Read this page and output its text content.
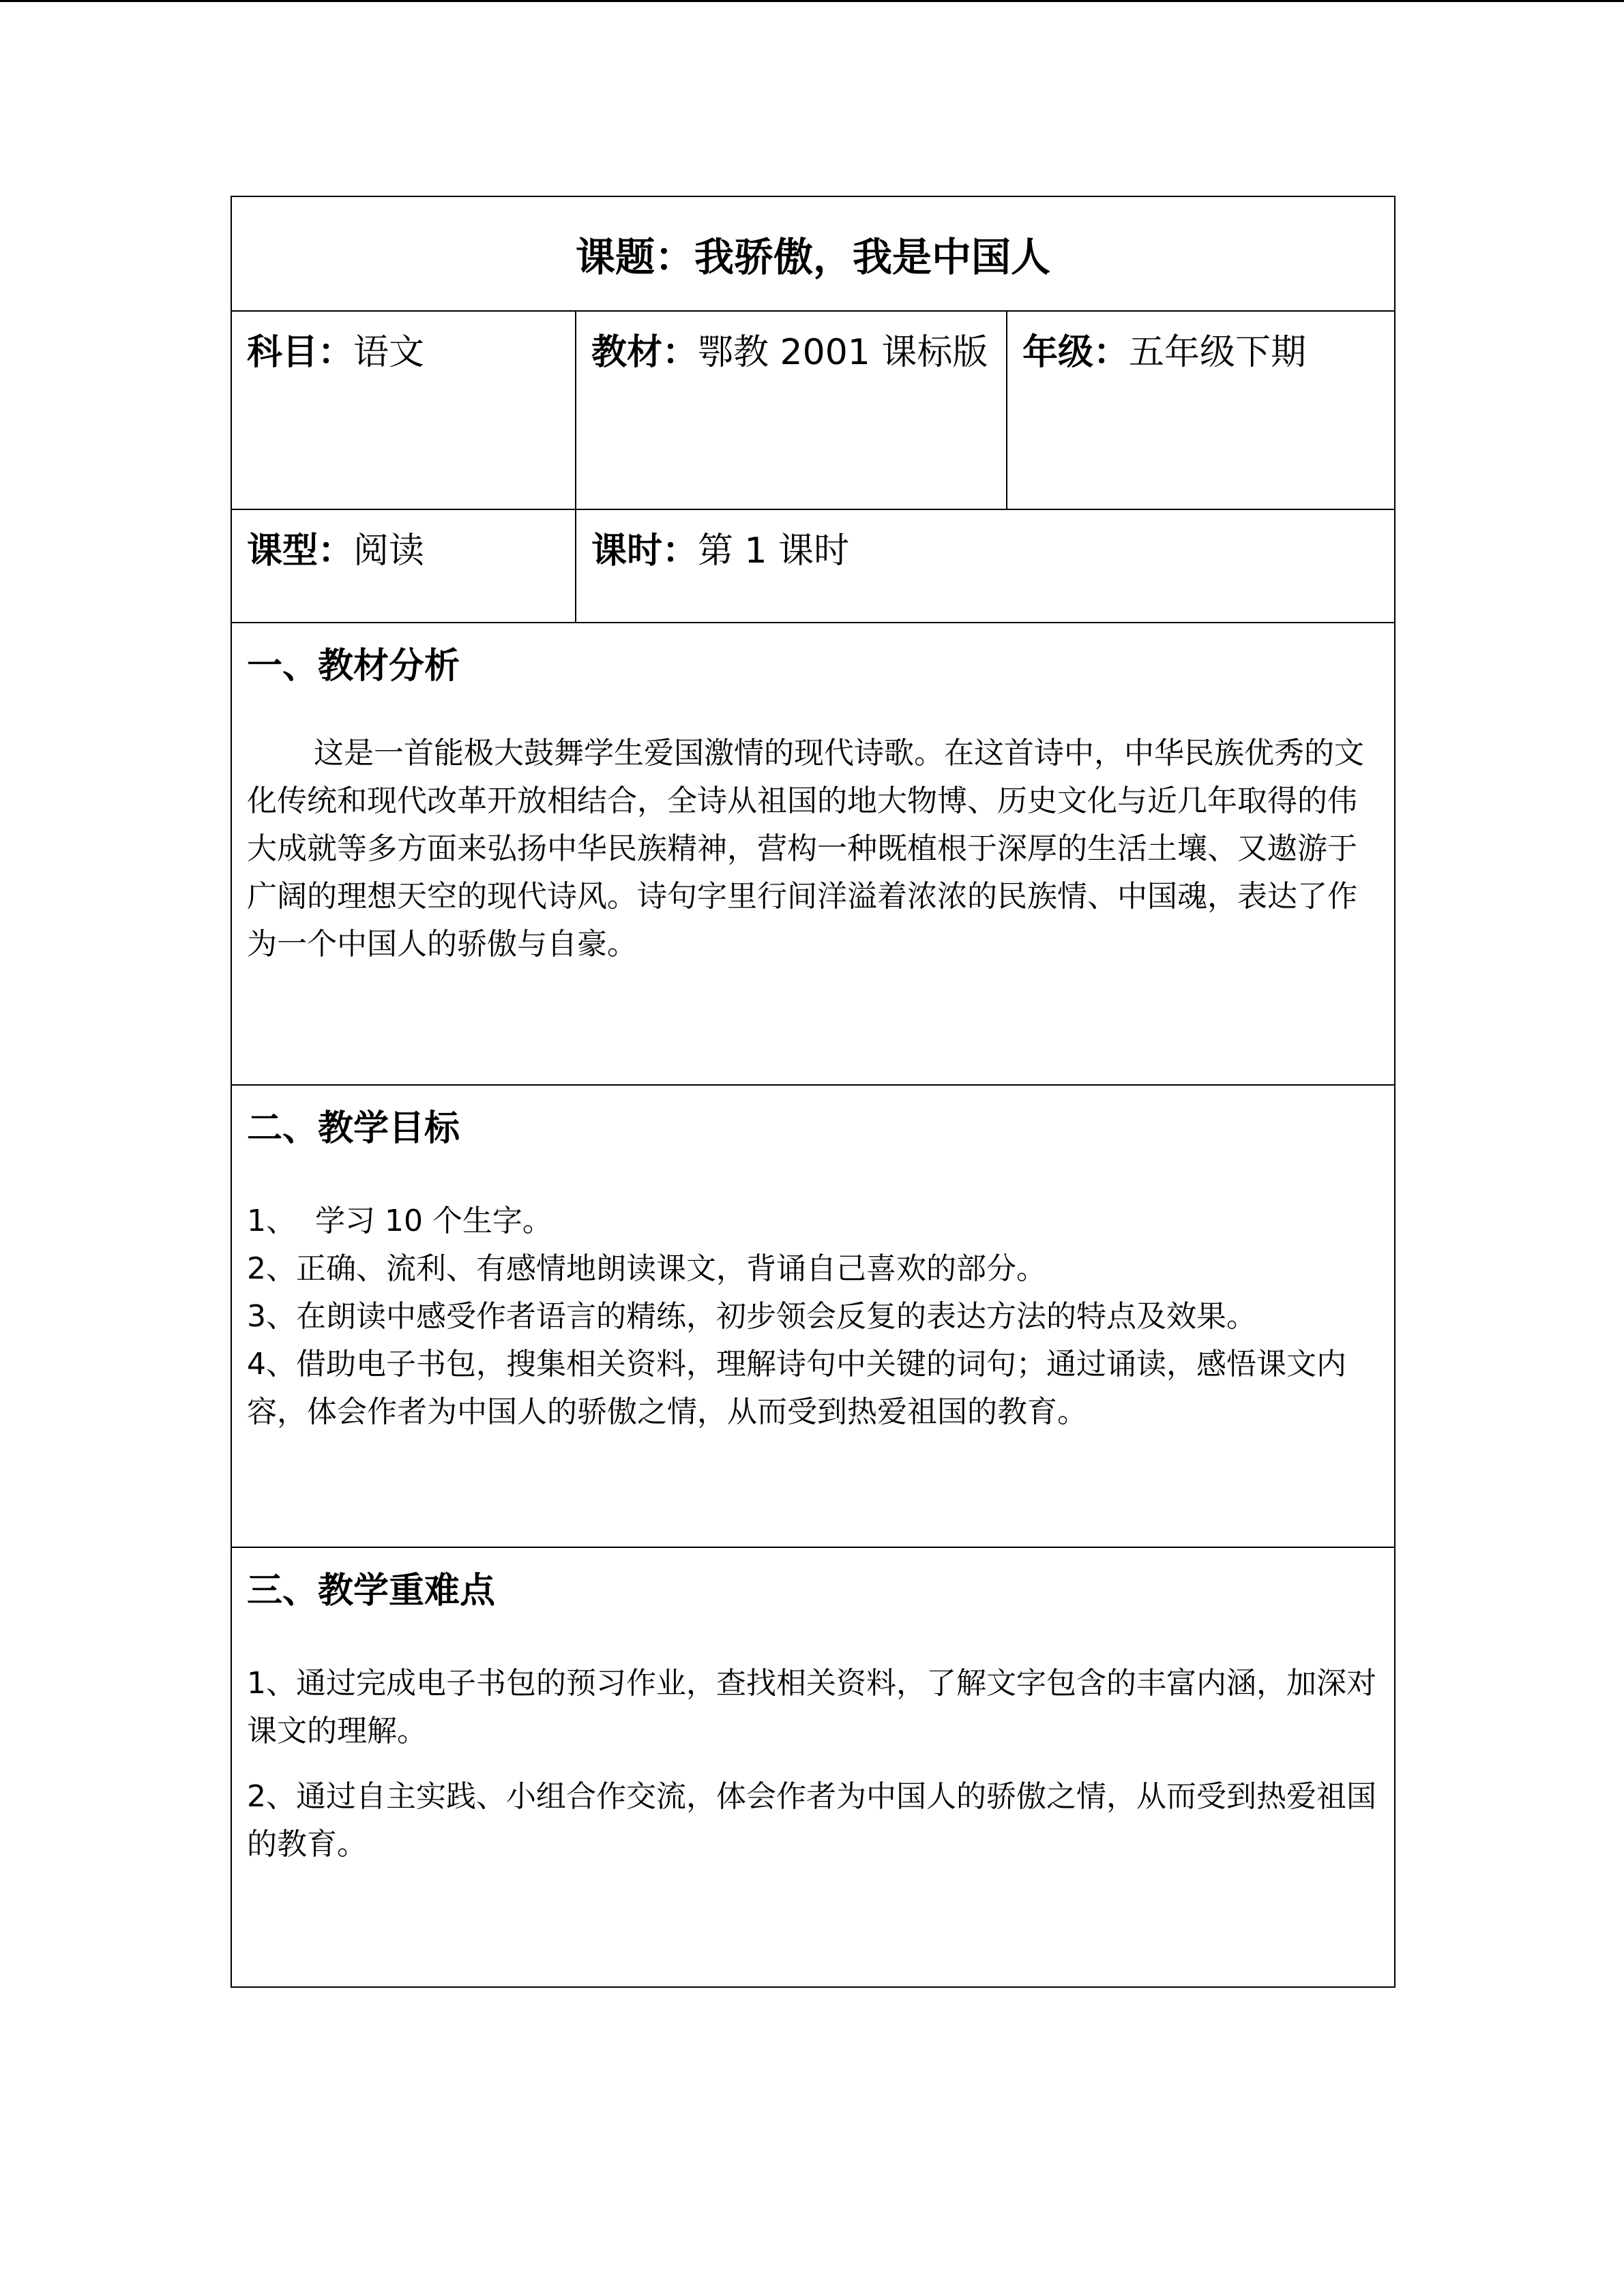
课题：我骄傲，我是中国人		

科目：语文	教材：鄂教 2001 课标版	年级：五年级下期

课型：阅读	课时：第 1 课时	

一、教材分析
这是一首能极大鼓舞学生爱国激情的现代诗歌。在这首诗中，中华民族优秀的文化传统和现代改革开放相结合，全诗从祖国的地大物博、历史文化与近几年取得的伟大成就等多方面来弘扬中华民族精神，营构一种既植根于深厚的生活土壤、又遨游于广阔的理想天空的现代诗风。诗句字里行间洋溢着浓浓的民族情、中国魂，表达了作为一个中国人的骄傲与自豪。		

二、教学目标

1、  学习 10 个生字。

2、正确、流利、有感情地朗读课文，背诵自己喜欢的部分。

3、在朗读中感受作者语言的精练，初步领会反复的表达方法的特点及效果。

4、借助电子书包，搜集相关资料，理解诗句中关键的词句；通过诵读，感悟课文内容，体会作者为中国人的骄傲之情，从而受到热爱祖国的教育。		

三、教学重难点

1、通过完成电子书包的预习作业，查找相关资料，了解文字包含的丰富内涵，加深对课文的理解。

2、通过自主实践、小组合作交流，体会作者为中国人的骄傲之情，从而受到热爱祖国的教育。		
